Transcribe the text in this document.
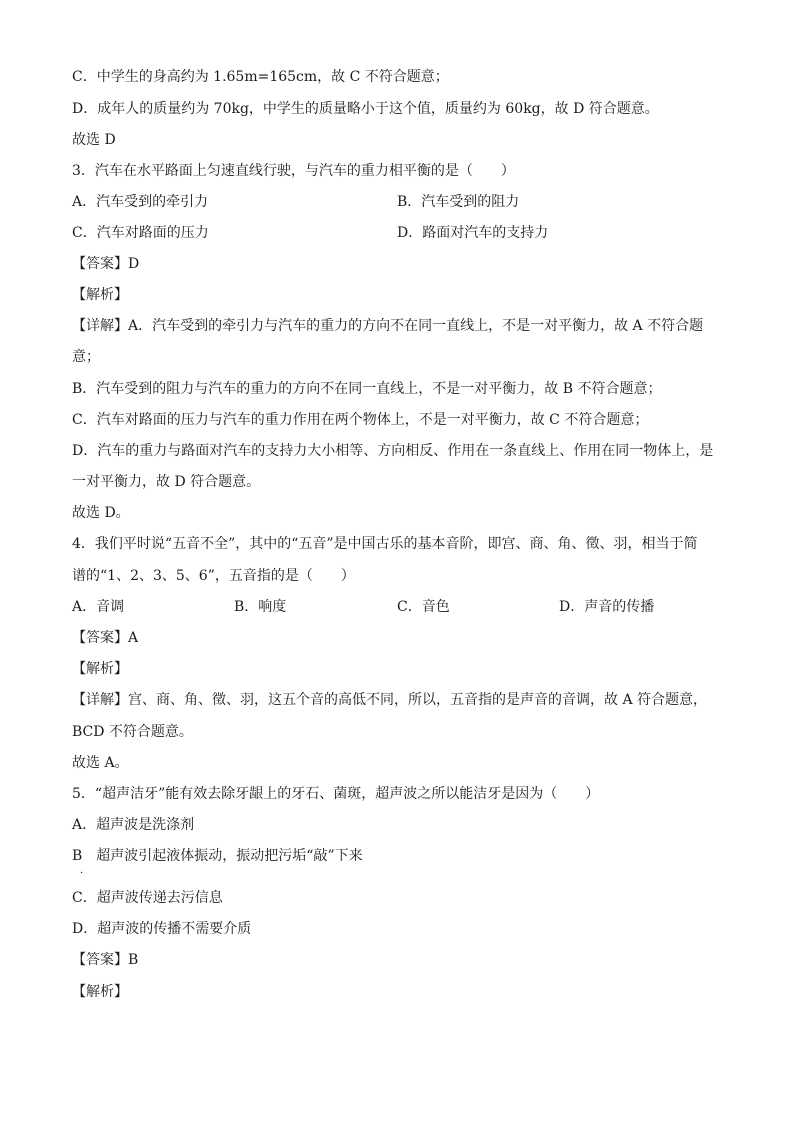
C．中学生的身高约为 1.65m=165cm，故 C 不符合题意；
D．成年人的质量约为 70kg，中学生的质量略小于这个值，质量约为 60kg，故 D 符合题意。
故选 D
3．汽车在水平路面上匀速直线行驶，与汽车的重力相平衡的是（　　）
A．汽车受到的牵引力	B．汽车受到的阻力
C．汽车对路面的压力	D．路面对汽车的支持力
【答案】D
【解析】
【详解】A．汽车受到的牵引力与汽车的重力的方向不在同一直线上，不是一对平衡力，故 A 不符合题
意；
B．汽车受到的阻力与汽车的重力的方向不在同一直线上，不是一对平衡力，故 B 不符合题意；
C．汽车对路面的压力与汽车的重力作用在两个物体上，不是一对平衡力，故 C 不符合题意；
D．汽车的重力与路面对汽车的支持力大小相等、方向相反、作用在一条直线上、作用在同一物体上，是
一对平衡力，故 D 符合题意。
故选 D。
4．我们平时说“五音不全”，其中的“五音”是中国古乐的基本音阶，即宫、商、角、徵、羽，相当于简
谱的“1、2、3、5、6”，五音指的是（　　）
A．音调	B．响度	C．音色	D．声音的传播
【答案】A
【解析】
【详解】宫、商、角、徵、羽，这五个音的高低不同，所以，五音指的是声音的音调，故 A 符合题意，
BCD 不符合题意。
故选 A。
5．“超声洁牙”能有效去除牙龈上的牙石、菌斑，超声波之所以能洁牙是因为（　　）
A．超声波是洗涤剂
B　超声波引起液体振动，振动把污垢“敲”下来
．
C．超声波传递去污信息
D．超声波的传播不需要介质
【答案】B
【解析】
